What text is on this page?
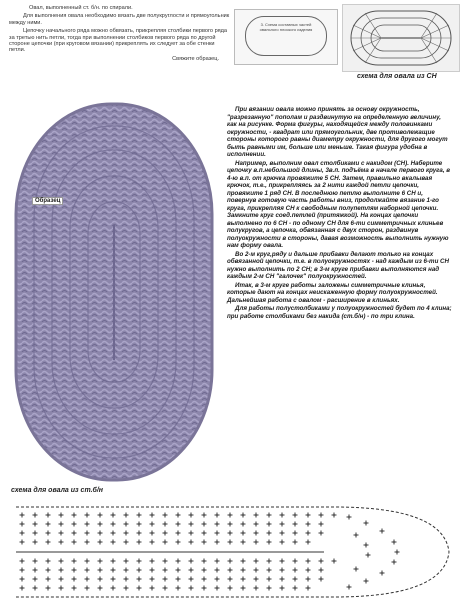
Овал, выполненный ст. б/н. по спирали.

Для выполнения овала необходимо вязать две полукруглости и прямоугольник между ними.

Цепочку начального ряда можно обвязать, прикрепляя столбики первого ряда за третью нить петли, тогда при выполнении столбиков первого ряда по другой стороне цепочки (при круговом вязании) прикреплять их следует за обе стенки петли.

Свяжите образец.

Образец
3. Схема составных частей овального плоского изделия
схема для овала из СН

При вязании овала можно принять за основу окружность, "разрезанную" пополам и раздвинутую на определенную величину, как на рисунке. Форма фигуры, находящейся между половинками окружности, - квадрат или прямоугольник, две противолежащие стороны которого равны диаметру окружности, для другого могут быть равными им, больше или меньше. Такая фигура удобна в исполнении.

Например, выполним овал столбиками с накидом (СН). Наберите цепочку в.п.небольшой длины, 3в.п. подъёма в начале первого круга, в 4-ю в.п. от крючка провяжите 5 СН. Затем, правильно вкалывая крючок, т.е., прикрепляясь за 2 нити каждой петли цепочки, провяжите 1 ряд СН. В последнюю петлю выполните 6 СН и, повернув готовую часть работы вниз, продолжайте вязание 1-го круга, прикрепляя СН к свободным полупетлям наборной цепочки. Замкните круг соед.петлей (притяжкой). На концах цепочки выполнено по 6 СН - по одному СН для 6-ти симметричных клиньев полукругов, а цепочка, обвязанная с двух сторон, раздвинув полуокружности в стороны, давая возможность выполнить нужную нам форму овала.

Во 2-м круг,ряду и дальше прибавки делают только на концах обвязанной цепочки, т.е. в полуокружностях - над каждым из 6-ти СН нужно выполнить по 2 СН; в 3-м круге прибавки выполняются над каждым 2-м СН "галочек" полуокружностей.

Итак, в 3-м круге работы заложены симметричные клинья, которые дают на концах неискаженную форму полуокружностей. Дальнейшая работа с овалом - расширение в клиньях.

Для работы полустолбиками у полуокружностей будет по 4 клина; при работе столбиками без накида (ст.б/н) - по три клина.

схема для овала из ст.б/н
